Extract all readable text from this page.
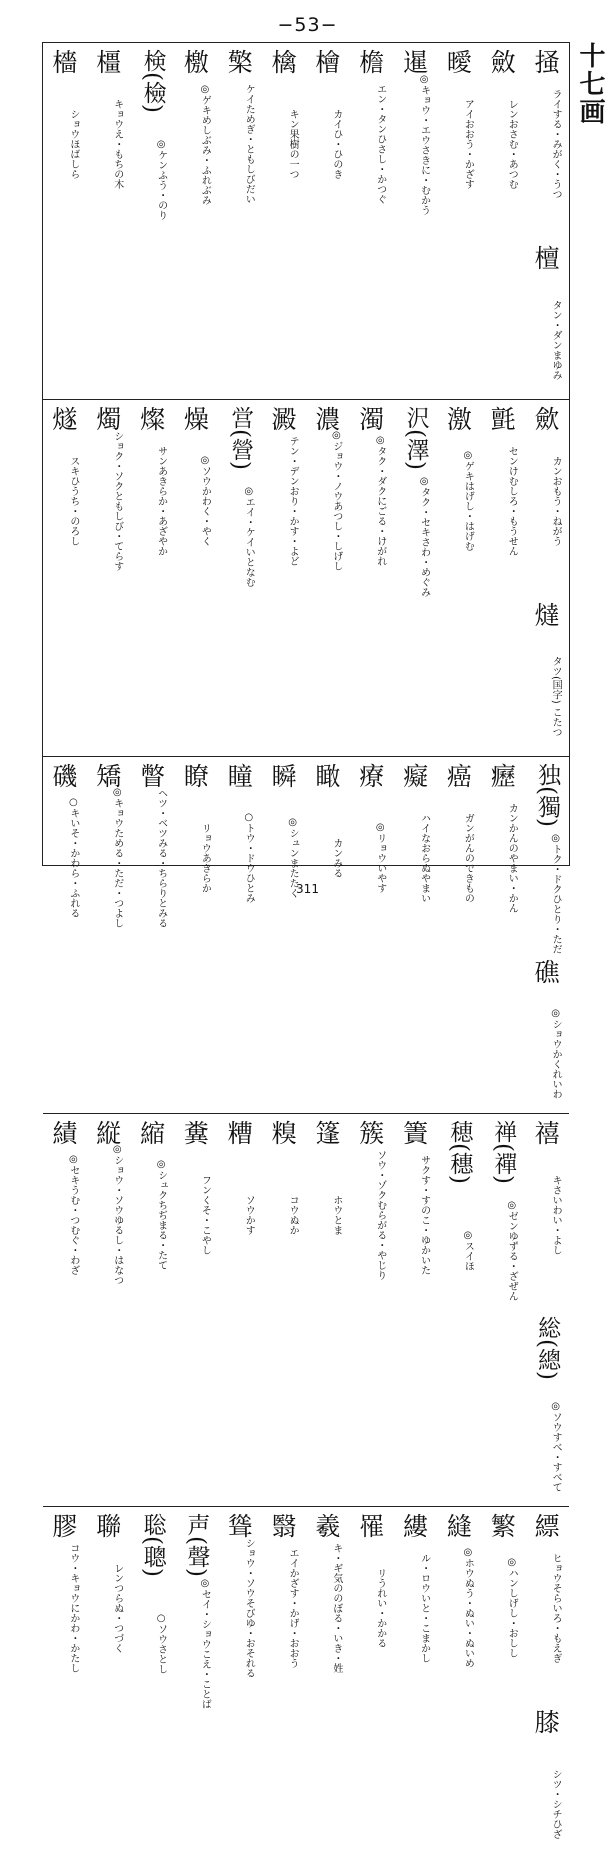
−53−
十七画
掻
ライ
する・みがく・うつ
斂
レン
おさむ・あつむ
曖
アイ
おおう・かざす
暹
◎キョウ・エウ
さきに・むかう
檐
エン・タン
ひさし・かつぐ
檜
カイ
ひ・ひのき
檎
キン
果樹の一つ
檠
ケイ
ためぎ・ともしびだい
檄
◎ゲキ
めしぶみ・ふれぶみ
検(檢)
◎ケン
ふう・のり
橿
キョウ
え・もちの木
檣
ショウ
ほばしら
檀
タン・ダン
まゆみ
歛
カン
おもう・ねがう
氈
セン
けむしろ・もうせん
激
◎ゲキ
はげし・はげむ
沢(澤)
◎タク・セキ
さわ・めぐみ
濁
◎タク・ダク
にごる・けがれ
濃
◎ジョウ・ノウ
あつし・しげし
澱
テン・デン
おり・かす・よど
営(營)
◎エイ・ケイ
いとなむ
燥
◎ソウ
かわく・やく
燦
サン
あきらか・あざやか
燭
ショク・ソク
ともしび・てらす
燧
スキ
ひうち・のろし
燵
タツ
(国字) こたつ
独(獨)
◎トク・ドク
ひとり・ただ
癧
カン
かんのやまい・かん
癌
ガン
がんのできもの
癡
ハイ
なおらぬやまい
療
◎リョウ
いやす
瞰
カン
みる
瞬
◎シュン
またたく
瞳
○トウ・ドウ
ひとみ
瞭
リョウ
あきらか
瞥
ヘツ・ベツ
みる・ちらりとみる
矯
◎キョウ
ためる・ただ・つよし
磯
○キ
いそ・かわら・ふれる
礁
◎ショウ
かくれいわ
禧
キ
さいわい・よし
禅(禪)
◎ゼン
ゆずる・ざぜん
穂(穗)
◎スイ
ほ
簀
サク
す・すのこ・ゆかいた
簇
ソウ・ゾク
むらがる・やじり
篷
ホウ
とま
糗
コウ
ぬか
糟
ソウ
かす
糞
フン
くそ・こやし
縮
◎シュク
ちぢまる・たて
縦
◎ショウ・ソウ
ゆるし・はなつ
績
◎セキ
うむ・つむぐ・わざ
総(總)
◎ソウ
すべ・すべて
縹
ヒョウ
そらいろ・もえぎ
繁
◎ハン
しげし・おしし
縫
◎ホウ
ぬう・ぬい・ぬいめ
縷
ル・ロウ
いと・こまかし
罹
リ
うれい・かかる
羲
キ・ギ
気ののぼる・いき・姓
翳
エイ
かざす・かげ・おおう
聳
ショウ・ソウ
そびゆ・おそれる
声(聲)
◎セイ・ショウ
こえ・ことば
聡(聰)
○ソウ
さとし
聯
レン
つらぬ・つづく
膠
コウ・キョウ
にかわ・かたし
膝
シツ・シチ
ひざ
311
